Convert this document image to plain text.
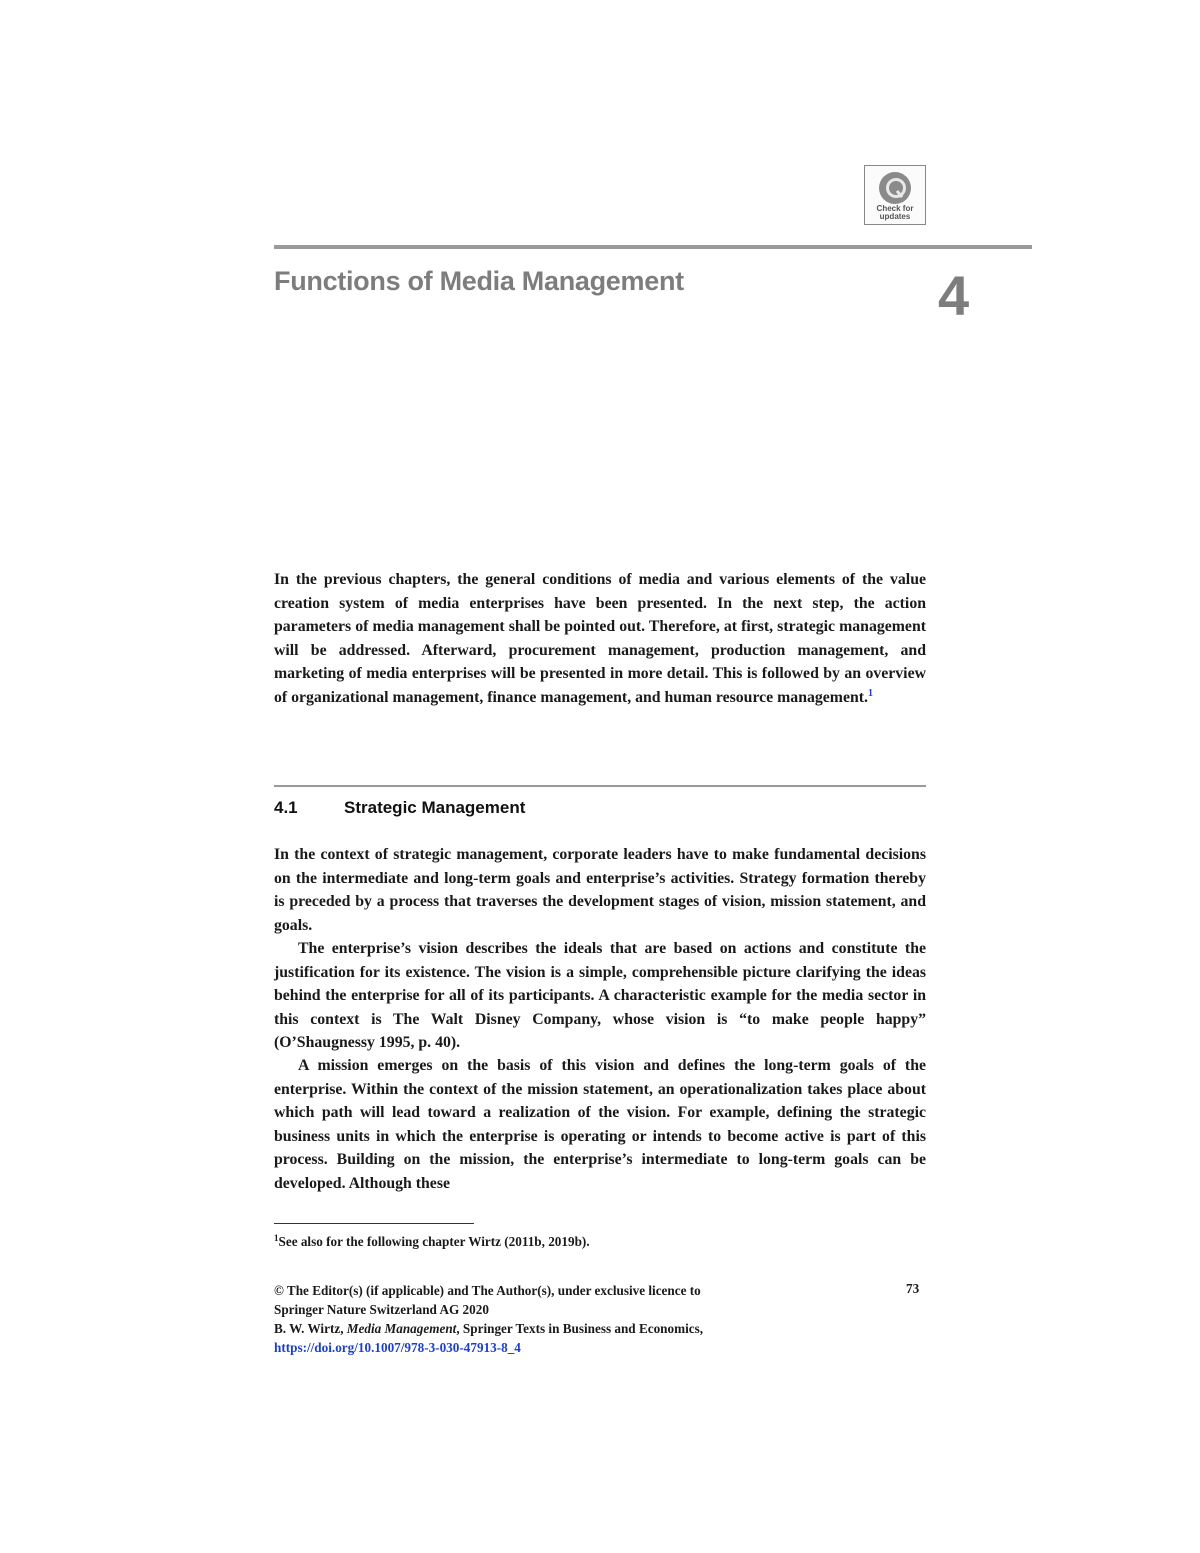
Check for
updates
Functions of Media Management	4
In the previous chapters, the general conditions of media and various elements of the value creation system of media enterprises have been presented. In the next step, the action parameters of media management shall be pointed out. Therefore, at first, strategic management will be addressed. Afterward, procurement management, production management, and marketing of media enterprises will be presented in more detail. This is followed by an overview of organizational management, finance management, and human resource management.$^1$
4.1	Strategic Management
In the context of strategic management, corporate leaders have to make fundamental decisions on the intermediate and long-term goals and enterprise’s activities. Strategy formation thereby is preceded by a process that traverses the development stages of vision, mission statement, and goals.
The enterprise’s vision describes the ideals that are based on actions and constitute the justification for its existence. The vision is a simple, comprehensible picture clarifying the ideas behind the enterprise for all of its participants. A characteristic example for the media sector in this context is The Walt Disney Company, whose vision is “to make people happy” (O’Shaugnessy 1995, p. 40).
A mission emerges on the basis of this vision and defines the long-term goals of the enterprise. Within the context of the mission statement, an operationalization takes place about which path will lead toward a realization of the vision. For example, defining the strategic business units in which the enterprise is operating or intends to become active is part of this process. Building on the mission, the enterprise’s intermediate to long-term goals can be developed. Although these
$^1$See also for the following chapter Wirtz (2011b, 2019b).
© The Editor(s) (if applicable) and The Author(s), under exclusive licence to
Springer Nature Switzerland AG 2020
B. W. Wirtz, Media Management, Springer Texts in Business and Economics,
https://doi.org/10.1007/978-3-030-47913-8_4
73
